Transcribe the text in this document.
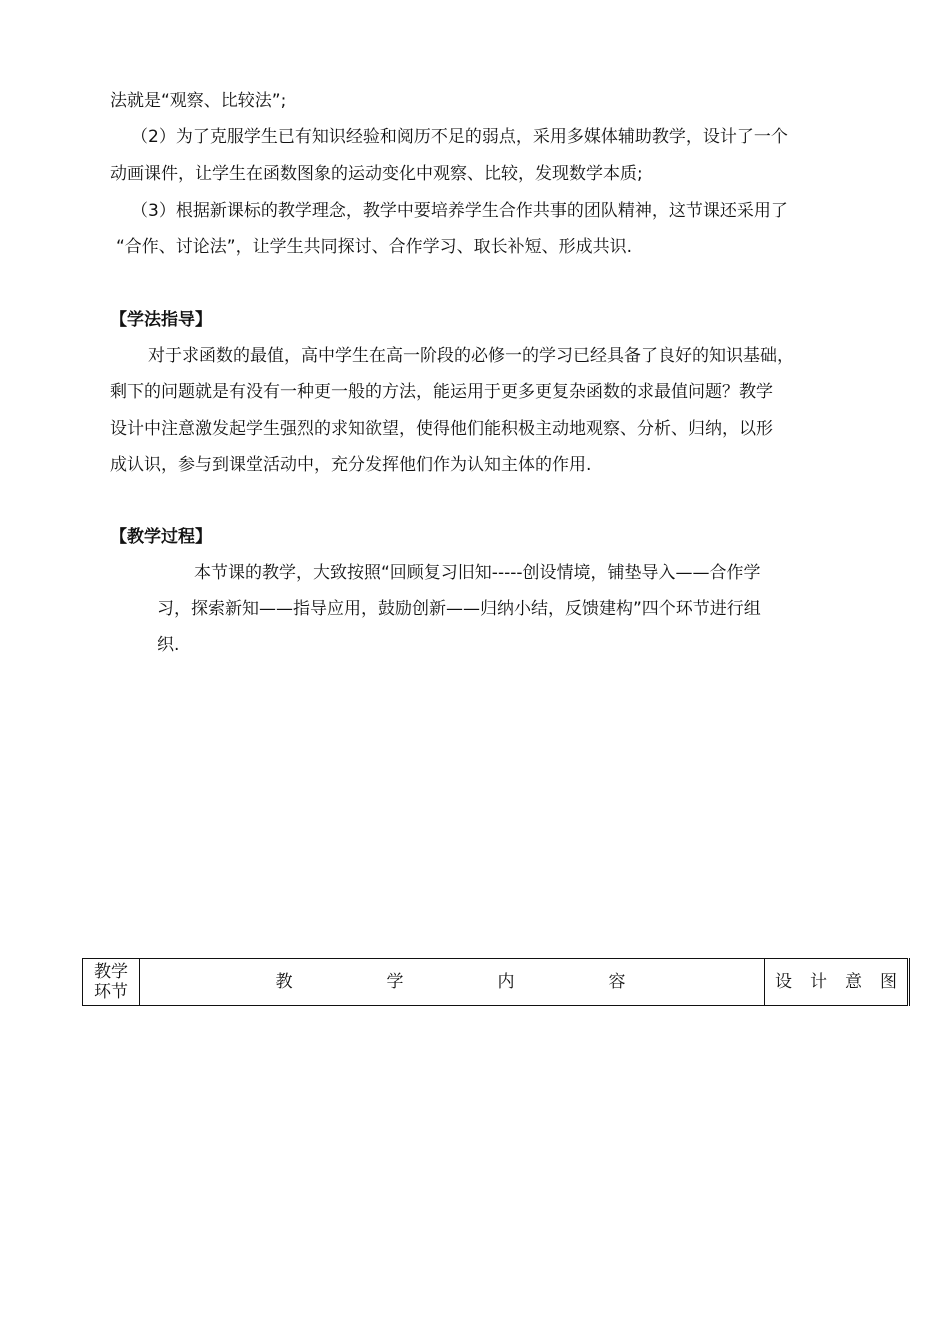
法就是“观察、比较法”;
（2）为了克服学生已有知识经验和阅历不足的弱点，采用多媒体辅助教学，设计了一个
动画课件，让学生在函数图象的运动变化中观察、比较，发现数学本质;
（3）根据新课标的教学理念，教学中要培养学生合作共事的团队精神，这节课还采用了
“合作、讨论法”，让学生共同探讨、合作学习、取长补短、形成共识.
【学法指导】
对于求函数的最值，高中学生在高一阶段的必修一的学习已经具备了良好的知识基础，
剩下的问题就是有没有一种更一般的方法，能运用于更多更复杂函数的求最值问题？教学
设计中注意激发起学生强烈的求知欲望，使得他们能积极主动地观察、分析、归纳，以形
成认识，参与到课堂活动中，充分发挥他们作为认知主体的作用.
【教学过程】
本节课的教学，大致按照“回顾复习旧知-----创设情境，铺垫导入——合作学
习，探索新知——指导应用，鼓励创新——归纳小结，反馈建构”四个环节进行组
织.
教学
环节	教	学	内	容	设 计 意 图
